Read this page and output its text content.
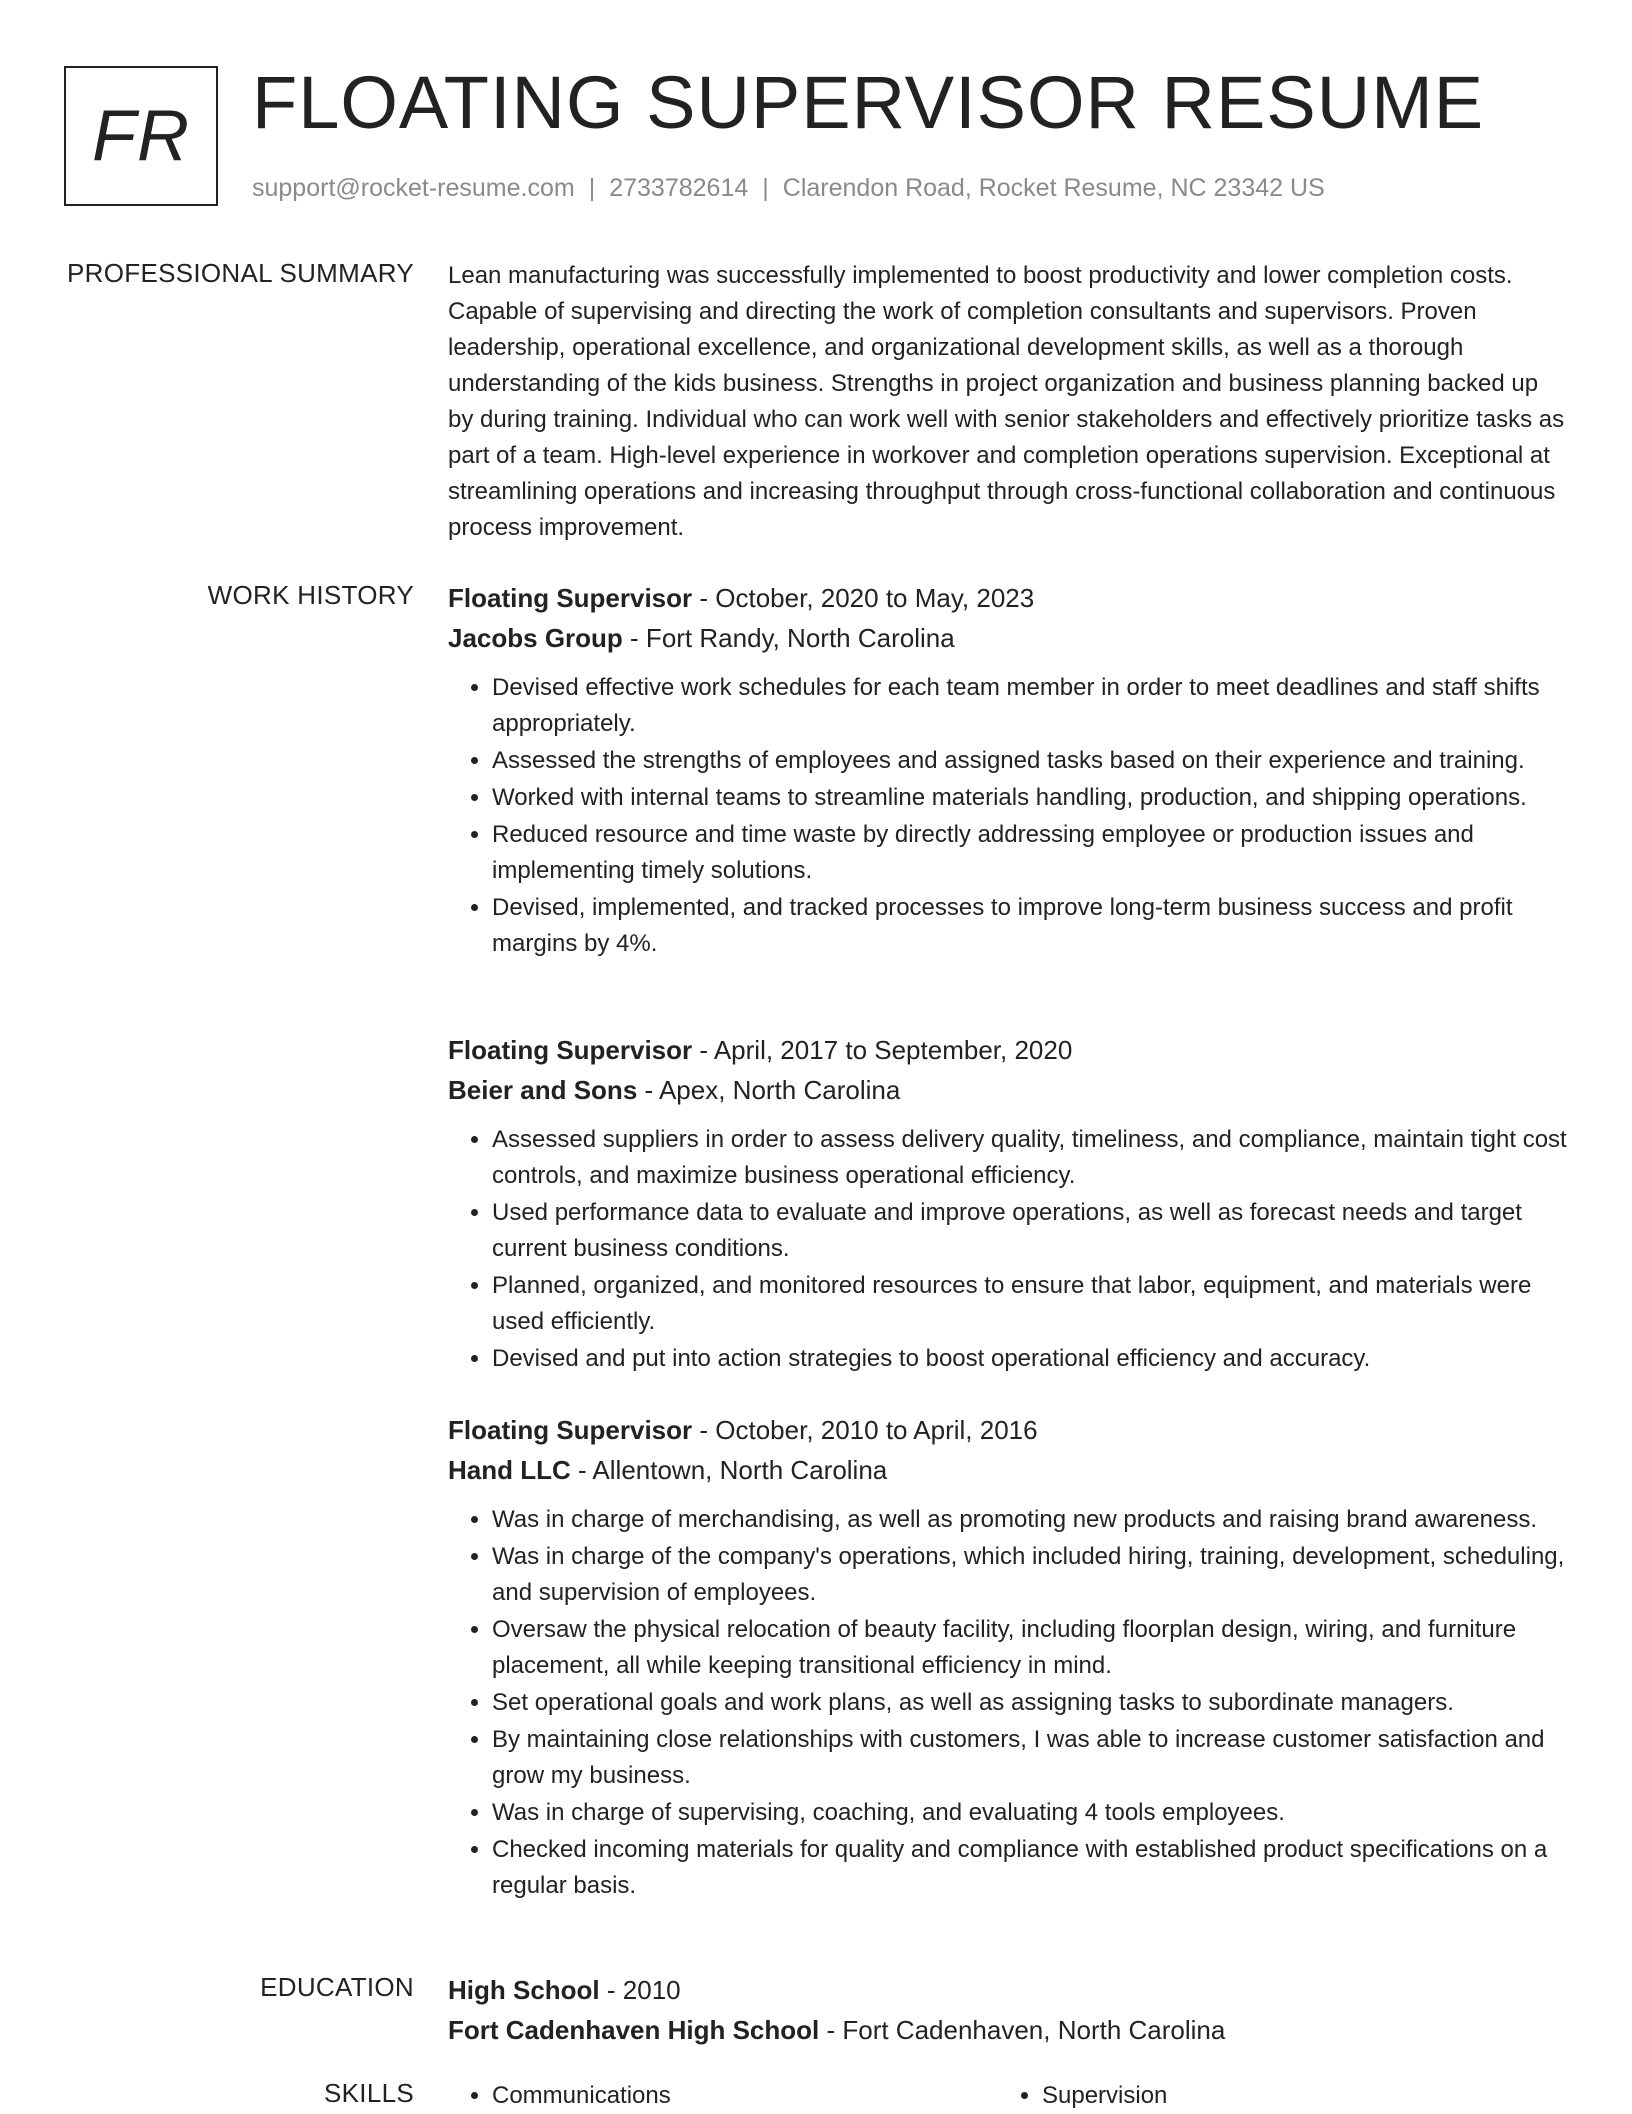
FR FLOATING SUPERVISOR RESUME
support@rocket-resume.com | 2733782614 | Clarendon Road, Rocket Resume, NC 23342 US
PROFESSIONAL SUMMARY Lean manufacturing was successfully implemented to boost productivity and lower completion costs. Capable of supervising and directing the work of completion consultants and supervisors. Proven leadership, operational excellence, and organizational development skills, as well as a thorough understanding of the kids business. Strengths in project organization and business planning backed up by during training. Individual who can work well with senior stakeholders and effectively prioritize tasks as part of a team. High-level experience in workover and completion operations supervision. Exceptional at streamlining operations and increasing throughput through cross-functional collaboration and continuous process improvement.
WORK HISTORY Floating Supervisor - October, 2020 to May, 2023
Jacobs Group - Fort Randy, North Carolina
• Devised effective work schedules for each team member in order to meet deadlines and staff shifts appropriately.
• Assessed the strengths of employees and assigned tasks based on their experience and training.
• Worked with internal teams to streamline materials handling, production, and shipping operations.
• Reduced resource and time waste by directly addressing employee or production issues and implementing timely solutions.
• Devised, implemented, and tracked processes to improve long-term business success and profit margins by 4%.
Floating Supervisor - April, 2017 to September, 2020
Beier and Sons - Apex, North Carolina
• Assessed suppliers in order to assess delivery quality, timeliness, and compliance, maintain tight cost controls, and maximize business operational efficiency.
• Used performance data to evaluate and improve operations, as well as forecast needs and target current business conditions.
• Planned, organized, and monitored resources to ensure that labor, equipment, and materials were used efficiently.
• Devised and put into action strategies to boost operational efficiency and accuracy.
Floating Supervisor - October, 2010 to April, 2016
Hand LLC - Allentown, North Carolina
• Was in charge of merchandising, as well as promoting new products and raising brand awareness.
• Was in charge of the company's operations, which included hiring, training, development, scheduling, and supervision of employees.
• Oversaw the physical relocation of beauty facility, including floorplan design, wiring, and furniture placement, all while keeping transitional efficiency in mind.
• Set operational goals and work plans, as well as assigning tasks to subordinate managers.
• By maintaining close relationships with customers, I was able to increase customer satisfaction and grow my business.
• Was in charge of supervising, coaching, and evaluating 4 tools employees.
• Checked incoming materials for quality and compliance with established product specifications on a regular basis.
EDUCATION High School - 2010
Fort Cadenhaven High School - Fort Cadenhaven, North Carolina
SKILLS	• Communications	• Supervision
